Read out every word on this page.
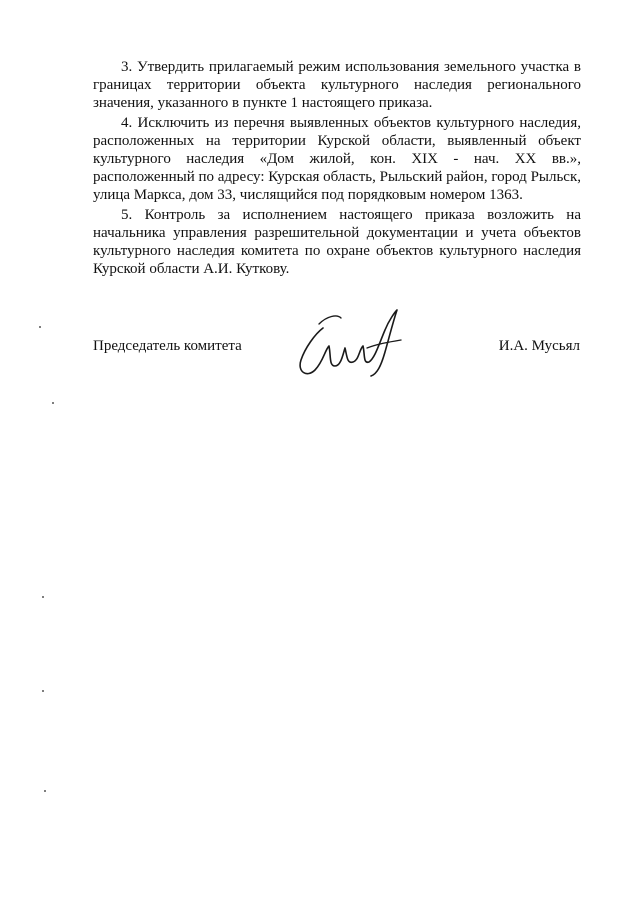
3. Утвердить прилагаемый режим использования земельного участка в границах территории объекта культурного наследия регионального значения, указанного в пункте 1 настоящего приказа.

4. Исключить из перечня выявленных объектов культурного наследия, расположенных на территории Курской области, выявленный объект культурного наследия «Дом жилой, кон. XIX - нач. XX вв.», расположенный по адресу: Курская область, Рыльский район, город Рыльск, улица Маркса, дом 33, числящийся под порядковым номером 1363.

5. Контроль за исполнением настоящего приказа возложить на начальника управления разрешительной документации и учета объектов культурного наследия комитета по охране объектов культурного наследия Курской области А.И. Куткову.

Председатель комитета	И.А. Мусьял
